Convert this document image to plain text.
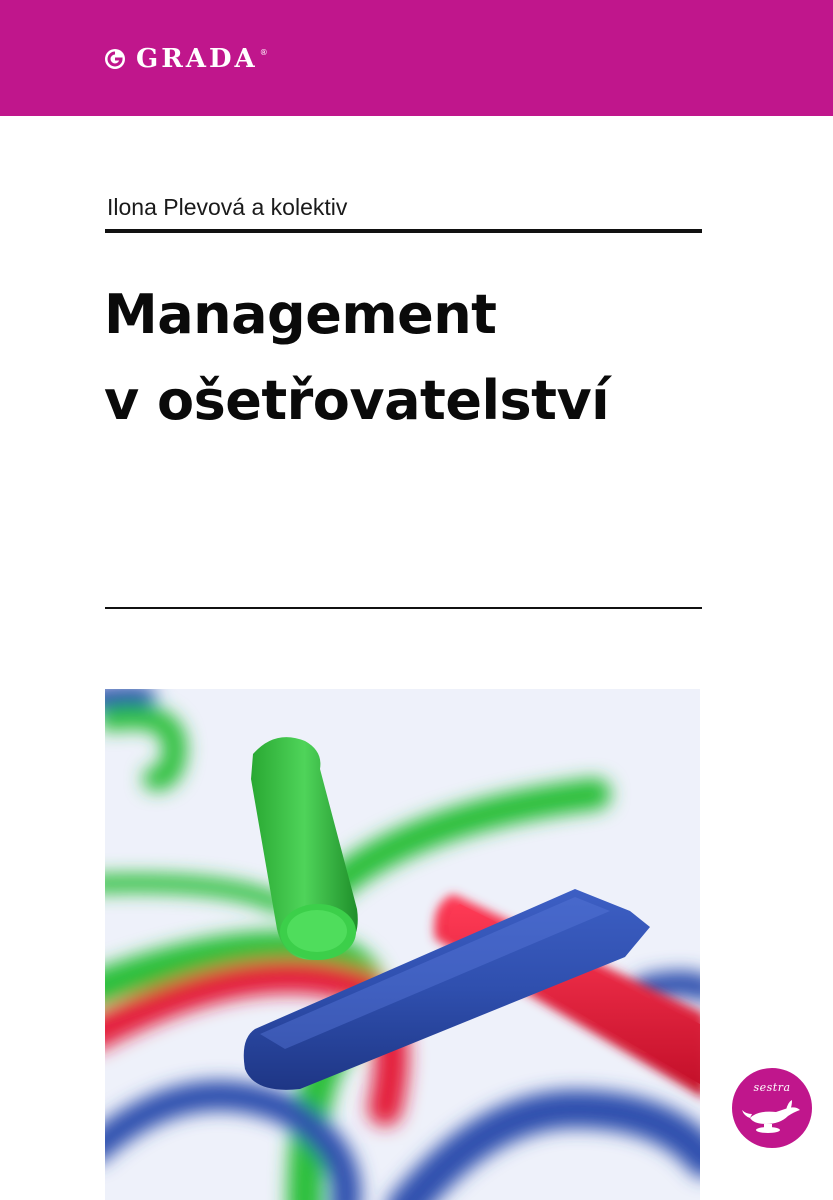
GRADA ®
Ilona Plevová a kolektiv
Management
v ošetřovatelství
sestra
